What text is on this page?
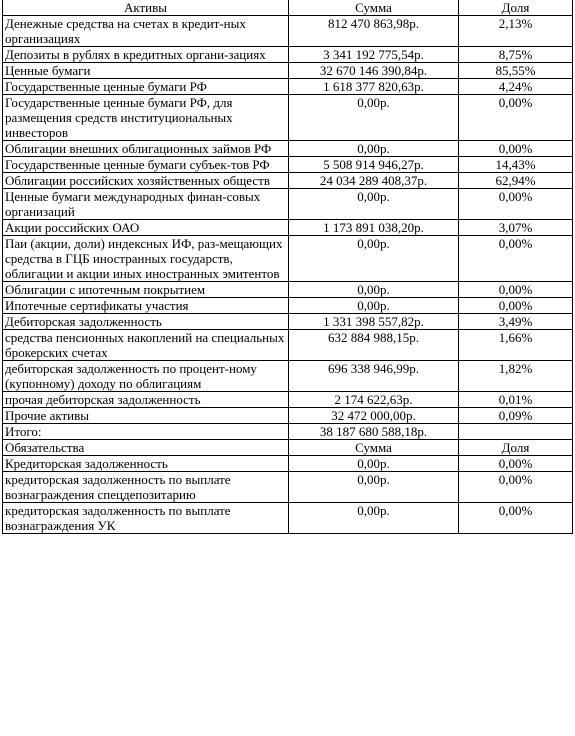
Активы	Сумма	Доля
Денежные средства на счетах в кредит-ных организациях	812 470 863,98р.	2,13%
Депозиты в рублях в кредитных органи-зациях	3 341 192 775,54р.	8,75%
Ценные бумаги	32 670 146 390,84р.	85,55%
Государственные ценные бумаги РФ	1 618 377 820,63р.	4,24%
Государственные ценные бумаги РФ, для размещения средств институциональных инвесторов	0,00р.	0,00%
Облигации внешних облигационных займов РФ	0,00р.	0,00%
Государственные ценные бумаги субъек-тов РФ	5 508 914 946,27р.	14,43%
Облигации российских хозяйственных обществ	24 034 289 408,37р.	62,94%
Ценные бумаги международных финан-совых организаций	0,00р.	0,00%
Акции российских ОАО	1 173 891 038,20р.	3,07%
Паи (акции, доли) индексных ИФ, раз-мещающих средства в ГЦБ иностранных государств, облигации и акции иных иностранных эмитентов	0,00р.	0,00%
Облигации с ипотечным покрытием	0,00р.	0,00%
Ипотечные сертификаты участия	0,00р.	0,00%
Дебиторская задолженность	1 331 398 557,82р.	3,49%
средства пенсионных накоплений на специальных брокерских счетах	632 884 988,15р.	1,66%
дебиторская задолженность по процент-ному (купонному) доходу по облигациям	696 338 946,99р.	1,82%
прочая дебиторская задолженность	2 174 622,63р.	0,01%
Прочие активы	32 472 000,00р.	0,09%
Итого:	38 187 680 588,18р.	
Обязательства	Сумма	Доля
Кредиторская задолженность	0,00р.	0,00%
кредиторская задолженность по выплате вознаграждения спецдепозитарию	0,00р.	0,00%
кредиторская задолженность по выплате вознаграждения УК	0,00р.	0,00%
